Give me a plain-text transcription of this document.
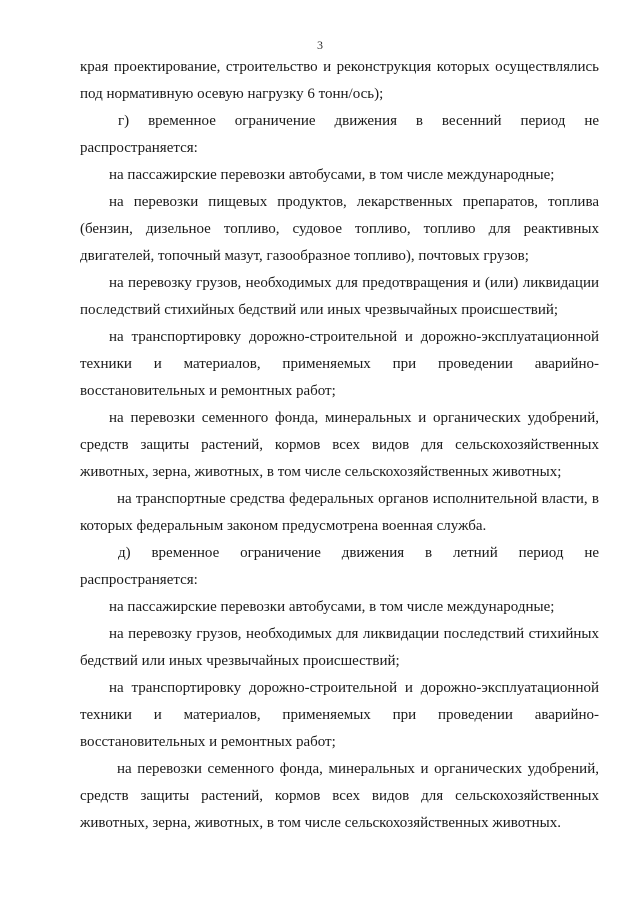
3

края проектирование, строительство и реконструкция которых осуществлялись под нормативную осевую нагрузку 6 тонн/ось);

г) временное ограничение движения в весенний период не распространяется:

на пассажирские перевозки автобусами, в том числе международные;

на перевозки пищевых продуктов, лекарственных препаратов, топлива (бензин, дизельное топливо, судовое топливо, топливо для реактивных двигателей, топочный мазут, газообразное топливо), почтовых грузов;

на перевозку грузов, необходимых для предотвращения и (или) ликвидации последствий стихийных бедствий или иных чрезвычайных происшествий;

на транспортировку дорожно-строительной и дорожно-эксплуатационной техники и материалов, применяемых при проведении аварийно-восстановительных и ремонтных работ;

на перевозки семенного фонда, минеральных и органических удобрений, средств защиты растений, кормов всех видов для сельскохозяйственных животных, зерна, животных, в том числе сельскохозяйственных животных;

на транспортные средства федеральных органов исполнительной власти, в которых федеральным законом предусмотрена военная служба.

д) временное ограничение движения в летний период не распространяется:

на пассажирские перевозки автобусами, в том числе международные;

на перевозку грузов, необходимых для ликвидации последствий стихийных бедствий или иных чрезвычайных происшествий;

на транспортировку дорожно-строительной и дорожно-эксплуатационной техники и материалов, применяемых при проведении аварийно-восстановительных и ремонтных работ;

на перевозки семенного фонда, минеральных и органических удобрений, средств защиты растений, кормов всех видов для сельскохозяйственных животных, зерна, животных, в том числе сельскохозяйственных животных.
